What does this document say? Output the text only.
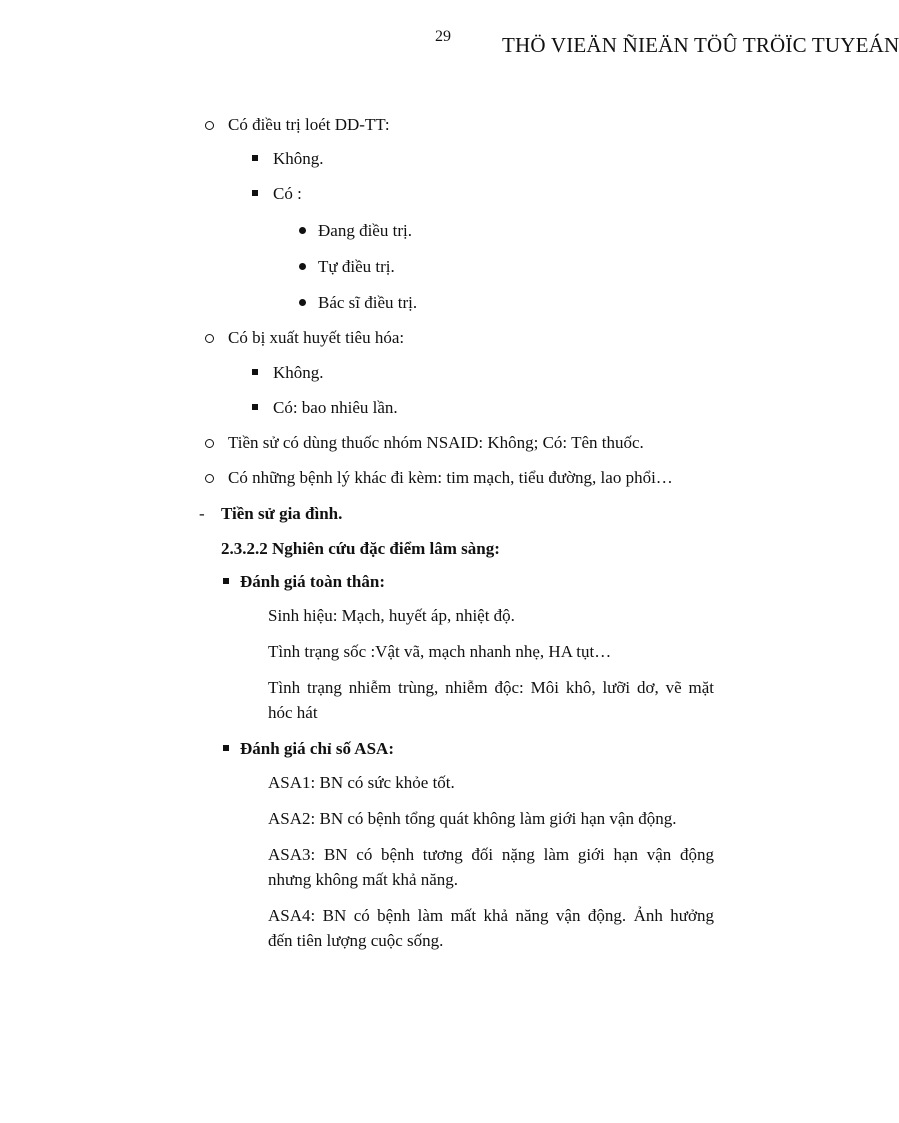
29 THÖ VIEÄN ÑIEÄN TÖÛ TRÖÏC TUYEÁN
Có điều trị loét DD-TT:
Không.
Có :
Đang điều trị.
Tự điều trị.
Bác sĩ điều trị.
Có bị xuất huyết tiêu hóa:
Không.
Có: bao nhiêu lần.
Tiền sử có dùng thuốc nhóm NSAID: Không; Có: Tên thuốc.
Có những bệnh lý khác đi kèm: tim mạch, tiểu đường, lao phổi…
- Tiền sử gia đình.
2.3.2.2 Nghiên cứu đặc điểm lâm sàng:
Đánh giá toàn thân:
Sinh hiệu: Mạch, huyết áp, nhiệt độ.
Tình trạng sốc :Vật vã, mạch nhanh nhẹ, HA tụt…
Tình trạng nhiễm trùng, nhiễm độc: Môi khô, lưỡi dơ, vẽ mặt
hóc hát
Đánh giá chỉ số ASA:
ASA1: BN có sức khỏe tốt.
ASA2: BN có bệnh tổng quát không làm giới hạn vận động.
ASA3: BN có bệnh tương đối nặng làm giới hạn vận động
nhưng không mất khả năng.
ASA4: BN có bệnh làm mất khả năng vận động. Ảnh hưởng
đến tiên lượng cuộc sống.
